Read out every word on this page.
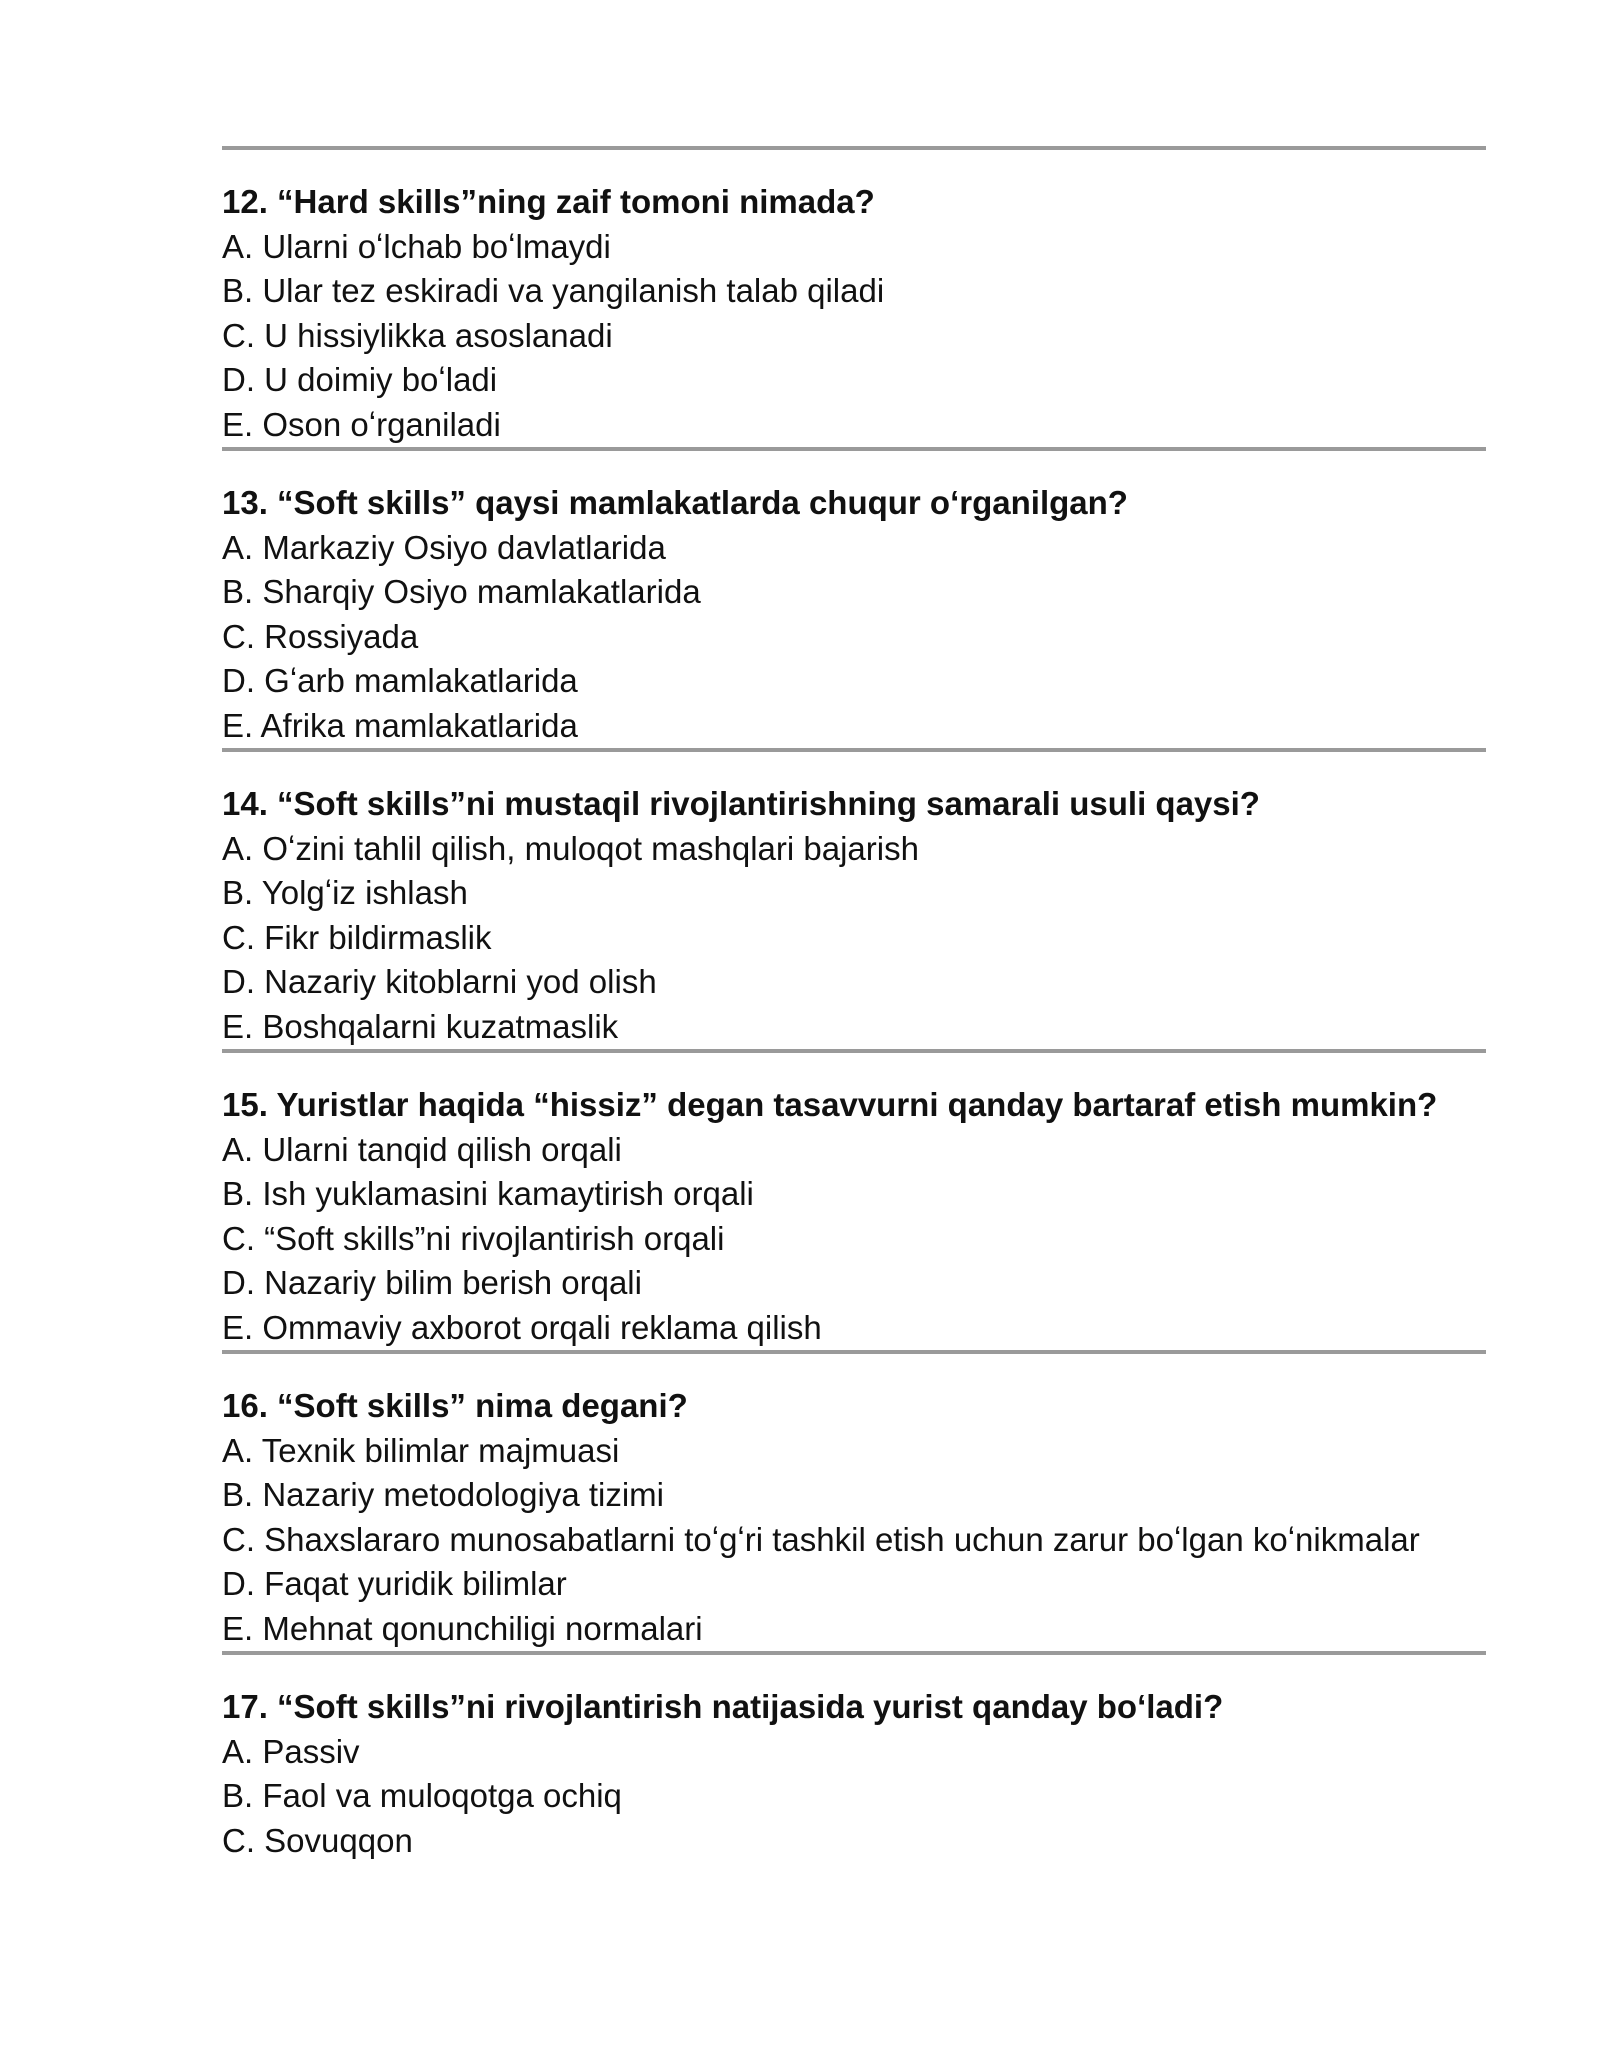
12. “Hard skills”ning zaif tomoni nimada?
A. Ularni oʻlchab boʻlmaydi
B. Ular tez eskiradi va yangilanish talab qiladi
C. U hissiylikka asoslanadi
D. U doimiy boʻladi
E. Oson oʻrganiladi
13. “Soft skills” qaysi mamlakatlarda chuqur oʻrganilgan?
A. Markaziy Osiyo davlatlarida
B. Sharqiy Osiyo mamlakatlarida
C. Rossiyada
D. Gʻarb mamlakatlarida
E. Afrika mamlakatlarida
14. “Soft skills”ni mustaqil rivojlantirishning samarali usuli qaysi?
A. Oʻzini tahlil qilish, muloqot mashqlari bajarish
B. Yolgʻiz ishlash
C. Fikr bildirmaslik
D. Nazariy kitoblarni yod olish
E. Boshqalarni kuzatmaslik
15. Yuristlar haqida “hissiz” degan tasavvurni qanday bartaraf etish mumkin?
A. Ularni tanqid qilish orqali
B. Ish yuklamasini kamaytirish orqali
C. “Soft skills”ni rivojlantirish orqali
D. Nazariy bilim berish orqali
E. Ommaviy axborot orqali reklama qilish
16. “Soft skills” nima degani?
A. Texnik bilimlar majmuasi
B. Nazariy metodologiya tizimi
C. Shaxslararo munosabatlarni toʻgʻri tashkil etish uchun zarur boʻlgan koʻnikmalar
D. Faqat yuridik bilimlar
E. Mehnat qonunchiligi normalari
17. “Soft skills”ni rivojlantirish natijasida yurist qanday boʻladi?
A. Passiv
B. Faol va muloqotga ochiq
C. Sovuqqon
